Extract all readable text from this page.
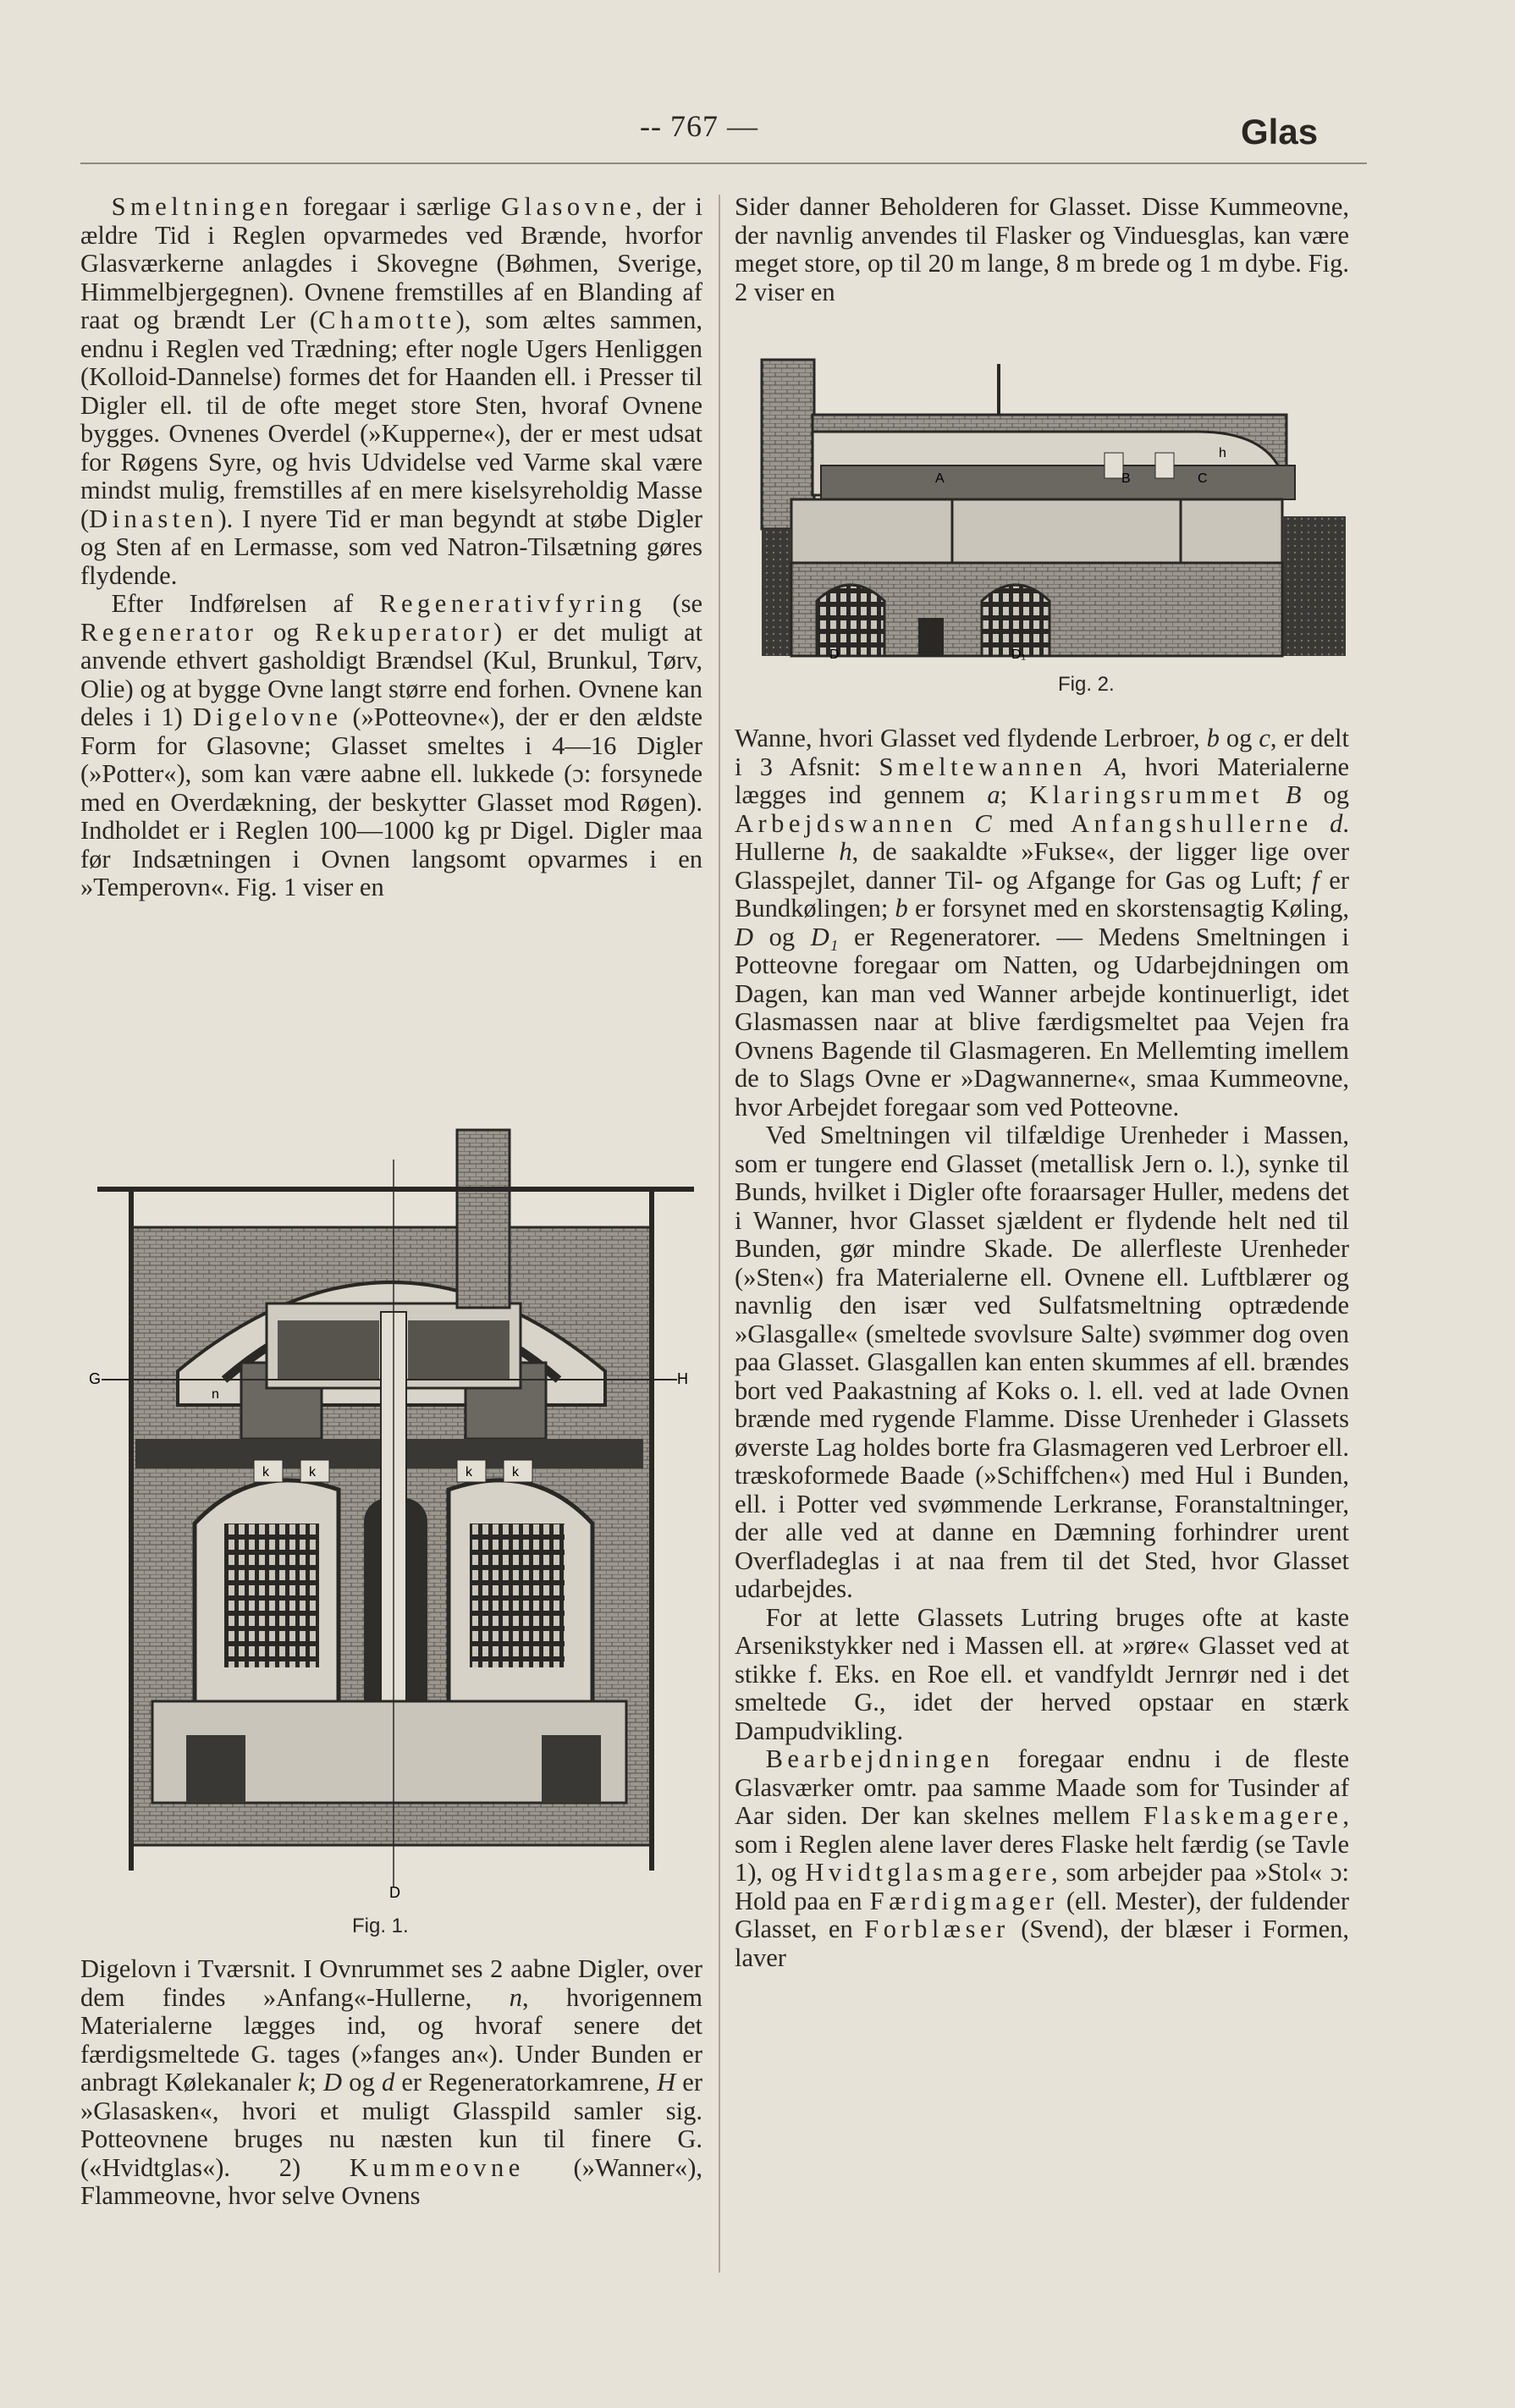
-- 767 —	Glas

Smeltningen foregaar i særlige Glasovne, der i ældre Tid i Reglen opvarmedes ved Brænde, hvorfor Glasværkerne anlagdes i Skovegne (Bøhmen, Sverige, Himmelbjergegnen). Ovnene fremstilles af en Blanding af raat og brændt Ler (Chamotte), som æltes sammen, endnu i Reglen ved Trædning; efter nogle Ugers Henliggen (Kolloid-Dannelse) formes det for Haanden ell. i Presser til Digler ell. til de ofte meget store Sten, hvoraf Ovnene bygges. Ovnenes Overdel (»Kupperne«), der er mest udsat for Røgens Syre, og hvis Udvidelse ved Varme skal være mindst mulig, fremstilles af en mere kiselsyreholdig Masse (Dinasten). I nyere Tid er man begyndt at støbe Digler og Sten af en Lermasse, som ved Natron-Tilsætning gøres flydende.

Efter Indførelsen af Regenerativfyring (se Regenerator og Rekuperator) er det muligt at anvende ethvert gasholdigt Brændsel (Kul, Brunkul, Tørv, Olie) og at bygge Ovne langt større end forhen. Ovnene kan deles i 1) Digelovne (»Potteovne«), der er den ældste Form for Glasovne; Glasset smeltes i 4—16 Digler (»Potter«), som kan være aabne ell. lukkede (ɔ: forsynede med en Overdækning, der beskytter Glasset mod Røgen). Indholdet er i Reglen 100—1000 kg pr Digel. Digler maa før Indsætningen i Ovnen langsomt opvarmes i en »Temperovn«. Fig. 1 viser en

G	H
D
k	k	k	k
n
Fig. 1.

Digelovn i Tværsnit. I Ovnrummet ses 2 aabne Digler, over dem findes »Anfang«-Hullerne, n, hvorigennem Materialerne lægges ind, og hvoraf senere det færdigsmeltede G. tages (»fanges an«). Under Bunden er anbragt Kølekanaler k; D og d er Regeneratorkamrene, H er »Glasasken«, hvori et muligt Glasspild samler sig. Potteovnene bruges nu næsten kun til finere G. («Hvidtglas«). 2) Kummeovne (»Wanner«), Flammeovne, hvor selve Ovnens

Sider danner Beholderen for Glasset. Disse Kummeovne, der navnlig anvendes til Flasker og Vinduesglas, kan være meget store, op til 20 m lange, 8 m brede og 1 m dybe. Fig. 2 viser en

A	B	C
D	D₁
h
Fig. 2.

Wanne, hvori Glasset ved flydende Lerbroer, b og c, er delt i 3 Afsnit: Smeltewannen A, hvori Materialerne lægges ind gennem a; Klaringsrummet B og Arbejdswannen C med Anfangshullerne d. Hullerne h, de saakaldte »Fukse«, der ligger lige over Glasspejlet, danner Til- og Afgange for Gas og Luft; f er Bundkølingen; b er forsynet med en skorstensagtig Køling, D og D₁ er Regeneratorer. — Medens Smeltningen i Potteovne foregaar om Natten, og Udarbejdningen om Dagen, kan man ved Wanner arbejde kontinuerligt, idet Glasmassen naar at blive færdigsmeltet paa Vejen fra Ovnens Bagende til Glasmageren. En Mellemting imellem de to Slags Ovne er »Dagwannerne«, smaa Kummeovne, hvor Arbejdet foregaar som ved Potteovne.

Ved Smeltningen vil tilfældige Urenheder i Massen, som er tungere end Glasset (metallisk Jern o. l.), synke til Bunds, hvilket i Digler ofte foraarsager Huller, medens det i Wanner, hvor Glasset sjældent er flydende helt ned til Bunden, gør mindre Skade. De allerfleste Urenheder (»Sten«) fra Materialerne ell. Ovnene ell. Luftblærer og navnlig den især ved Sulfatsmeltning optrædende »Glasgalle« (smeltede svovlsure Salte) svømmer dog oven paa Glasset. Glasgallen kan enten skummes af ell. brændes bort ved Paakastning af Koks o. l. ell. ved at lade Ovnen brænde med rygende Flamme. Disse Urenheder i Glassets øverste Lag holdes borte fra Glasmageren ved Lerbroer ell. træskoformede Baade (»Schiffchen«) med Hul i Bunden, ell. i Potter ved svømmende Lerkranse, Foranstaltninger, der alle ved at danne en Dæmning forhindrer urent Overfladeglas i at naa frem til det Sted, hvor Glasset udarbejdes.

For at lette Glassets Lutring bruges ofte at kaste Arsenikstykker ned i Massen ell. at »røre« Glasset ved at stikke f. Eks. en Roe ell. et vandfyldt Jernrør ned i det smeltede G., idet der herved opstaar en stærk Dampudvikling.

Bearbejdningen foregaar endnu i de fleste Glasværker omtr. paa samme Maade som for Tusinder af Aar siden. Der kan skelnes mellem Flaskemagere, som i Reglen alene laver deres Flaske helt færdig (se Tavle 1), og Hvidtglasmagere, som arbejder paa »Stol« ɔ: Hold paa en Færdigmager (ell. Mester), der fuldender Glasset, en Forblæser (Svend), der blæser i Formen, laver
